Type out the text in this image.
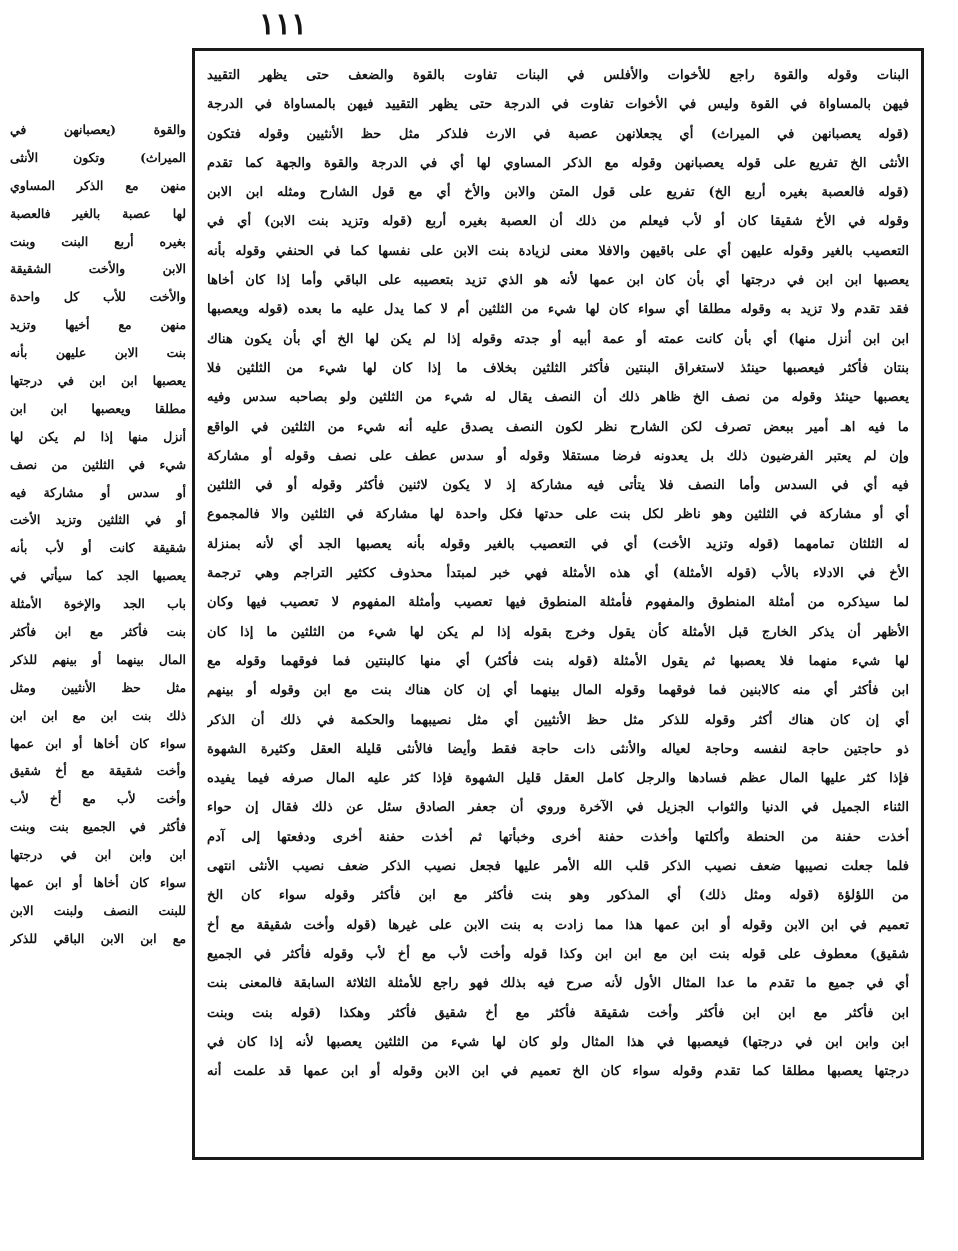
١١١
والقوة (يعصبانهن في
الميراث) وتكون الأنثى
منهن مع الذكر المساوي
لها عصبة بالغير فالعصبة
بغيره أربع البنت وبنت
الابن والأخت الشقيقة
والأخت للأب كل واحدة
منهن مع أخيها وتزيد
بنت الابن عليهن بأنه
يعصبها ابن ابن في درجتها
مطلقا ويعصبها ابن ابن
أنزل منها إذا لم يكن لها
شيء في الثلثين من نصف
أو سدس أو مشاركة فيه
أو في الثلثين وتزيد الأخت
شقيقة كانت أو لأب بأنه
يعصبها الجد كما سيأتي في
باب الجد والإخوة الأمثلة
بنت فأكثر مع ابن فأكثر
المال بينهما أو بينهم للذكر
مثل حظ الأنثيين ومثل
ذلك بنت ابن مع ابن ابن
سواء كان أخاها أو ابن عمها
وأخت شقيقة مع أخ شقيق
وأخت لأب مع أخ لأب
فأكثر في الجميع بنت وبنت
ابن وابن ابن في درجتها
سواء كان أخاها أو ابن عمها
للبنت النصف ولبنت الابن
مع ابن الابن الباقي للذكر
البنات وقوله والقوة راجع للأخوات والأفلس في البنات تفاوت بالقوة والضعف حتى يظهر التقييد
فيهن بالمساواة في القوة وليس في الأخوات تفاوت في الدرجة حتى يظهر التقييد فيهن بالمساواة في الدرجة
(قوله يعصبانهن في الميراث) أي يجعلانهن عصبة في الارث فلذكر مثل حظ الأنثيين وقوله فتكون
الأنثى الخ تفريع على قوله يعصبانهن وقوله مع الذكر المساوي لها أي في الدرجة والقوة والجهة كما تقدم
(قوله فالعصبة بغيره أربع الخ) تفريع على قول المتن والابن والأخ أي مع قول الشارح ومثله ابن الابن
وقوله في الأخ شقيقا كان أو لأب فيعلم من ذلك أن العصبة بغيره أربع (قوله وتزيد بنت الابن) أي في
التعصيب بالغير وقوله عليهن أي على باقيهن والافلا معنى لزيادة بنت الابن على نفسها كما في الحنفي وقوله بأنه
يعصبها ابن ابن في درجتها أي بأن كان ابن عمها لأنه هو الذي تزيد بتعصيبه على الباقي وأما إذا كان أخاها
فقد تقدم ولا تزيد به وقوله مطلقا أي سواء كان لها شيء من الثلثين أم لا كما يدل عليه ما بعده (قوله ويعصبها
ابن ابن أنزل منها) أي بأن كانت عمته أو عمة أبيه أو جدته وقوله إذا لم يكن لها الخ أي بأن يكون هناك
بنتان فأكثر فيعصبها حينئذ لاستغراق البنتين فأكثر الثلثين بخلاف ما إذا كان لها شيء من الثلثين فلا
يعصبها حينئذ وقوله من نصف الخ ظاهر ذلك أن النصف يقال له شيء من الثلثين ولو بصاحبه سدس وفيه
ما فيه اهـ أمير ببعض تصرف لكن الشارح نظر لكون النصف يصدق عليه أنه شيء من الثلثين في الواقع
وإن لم يعتبر الفرضيون ذلك بل يعدونه فرضا مستقلا وقوله أو سدس عطف على نصف وقوله أو مشاركة
فيه أي في السدس وأما النصف فلا يتأتى فيه مشاركة إذ لا يكون لاثنين فأكثر وقوله أو في الثلثين
أي أو مشاركة في الثلثين وهو ناظر لكل بنت على حدتها فكل واحدة لها مشاركة في الثلثين والا فالمجموع
له الثلثان تمامهما (قوله وتزيد الأخت) أي في التعصيب بالغير وقوله بأنه يعصبها الجد أي لأنه بمنزلة
الأخ في الادلاء بالأب (قوله الأمثلة) أي هذه الأمثلة فهي خبر لمبتدأ محذوف ككثير التراجم وهي ترجمة
لما سيذكره من أمثلة المنطوق والمفهوم فأمثلة المنطوق فيها تعصيب وأمثلة المفهوم لا تعصيب فيها وكان
الأظهر أن يذكر الخارج قبل الأمثلة كأن يقول وخرج بقوله إذا لم يكن لها شيء من الثلثين ما إذا كان
لها شيء منهما فلا يعصبها ثم يقول الأمثلة (قوله بنت فأكثر) أي منها كالبنتين فما فوقهما وقوله مع
ابن فأكثر أي منه كالابنين فما فوقهما وقوله المال بينهما أي إن كان هناك بنت مع ابن وقوله أو بينهم
أي إن كان هناك أكثر وقوله للذكر مثل حظ الأنثيين أي مثل نصيبهما والحكمة في ذلك أن الذكر
ذو حاجتين حاجة لنفسه وحاجة لعياله والأنثى ذات حاجة فقط وأيضا فالأنثى قليلة العقل وكثيرة الشهوة
فإذا كثر عليها المال عظم فسادها والرجل كامل العقل قليل الشهوة فإذا كثر عليه المال صرفه فيما يفيده
الثناء الجميل في الدنيا والثواب الجزيل في الآخرة وروي أن جعفر الصادق سئل عن ذلك فقال إن حواء
أخذت حفنة من الحنطة وأكلتها وأخذت حفنة أخرى وخبأتها ثم أخذت حفنة أخرى ودفعتها إلى آدم
فلما جعلت نصيبها ضعف نصيب الذكر قلب الله الأمر عليها فجعل نصيب الذكر ضعف نصيب الأنثى انتهى
من اللؤلؤة (قوله ومثل ذلك) أي المذكور وهو بنت فأكثر مع ابن فأكثر وقوله سواء كان الخ
تعميم في ابن الابن وقوله أو ابن عمها هذا مما زادت به بنت الابن على غيرها (قوله وأخت شقيقة مع أخ
شقيق) معطوف على قوله بنت ابن مع ابن ابن وكذا قوله وأخت لأب مع أخ لأب وقوله فأكثر في الجميع
أي في جميع ما تقدم ما عدا المثال الأول لأنه صرح فيه بذلك فهو راجع للأمثلة الثلاثة السابقة فالمعنى بنت
ابن فأكثر مع ابن ابن فأكثر وأخت شقيقة فأكثر مع أخ شقيق فأكثر وهكذا (قوله بنت وبنت
ابن وابن ابن في درجتها) فيعصبها في هذا المثال ولو كان لها شيء من الثلثين يعصبها لأنه إذا كان في
درجتها يعصبها مطلقا كما تقدم وقوله سواء كان الخ تعميم في ابن الابن وقوله أو ابن عمها قد علمت أنه
